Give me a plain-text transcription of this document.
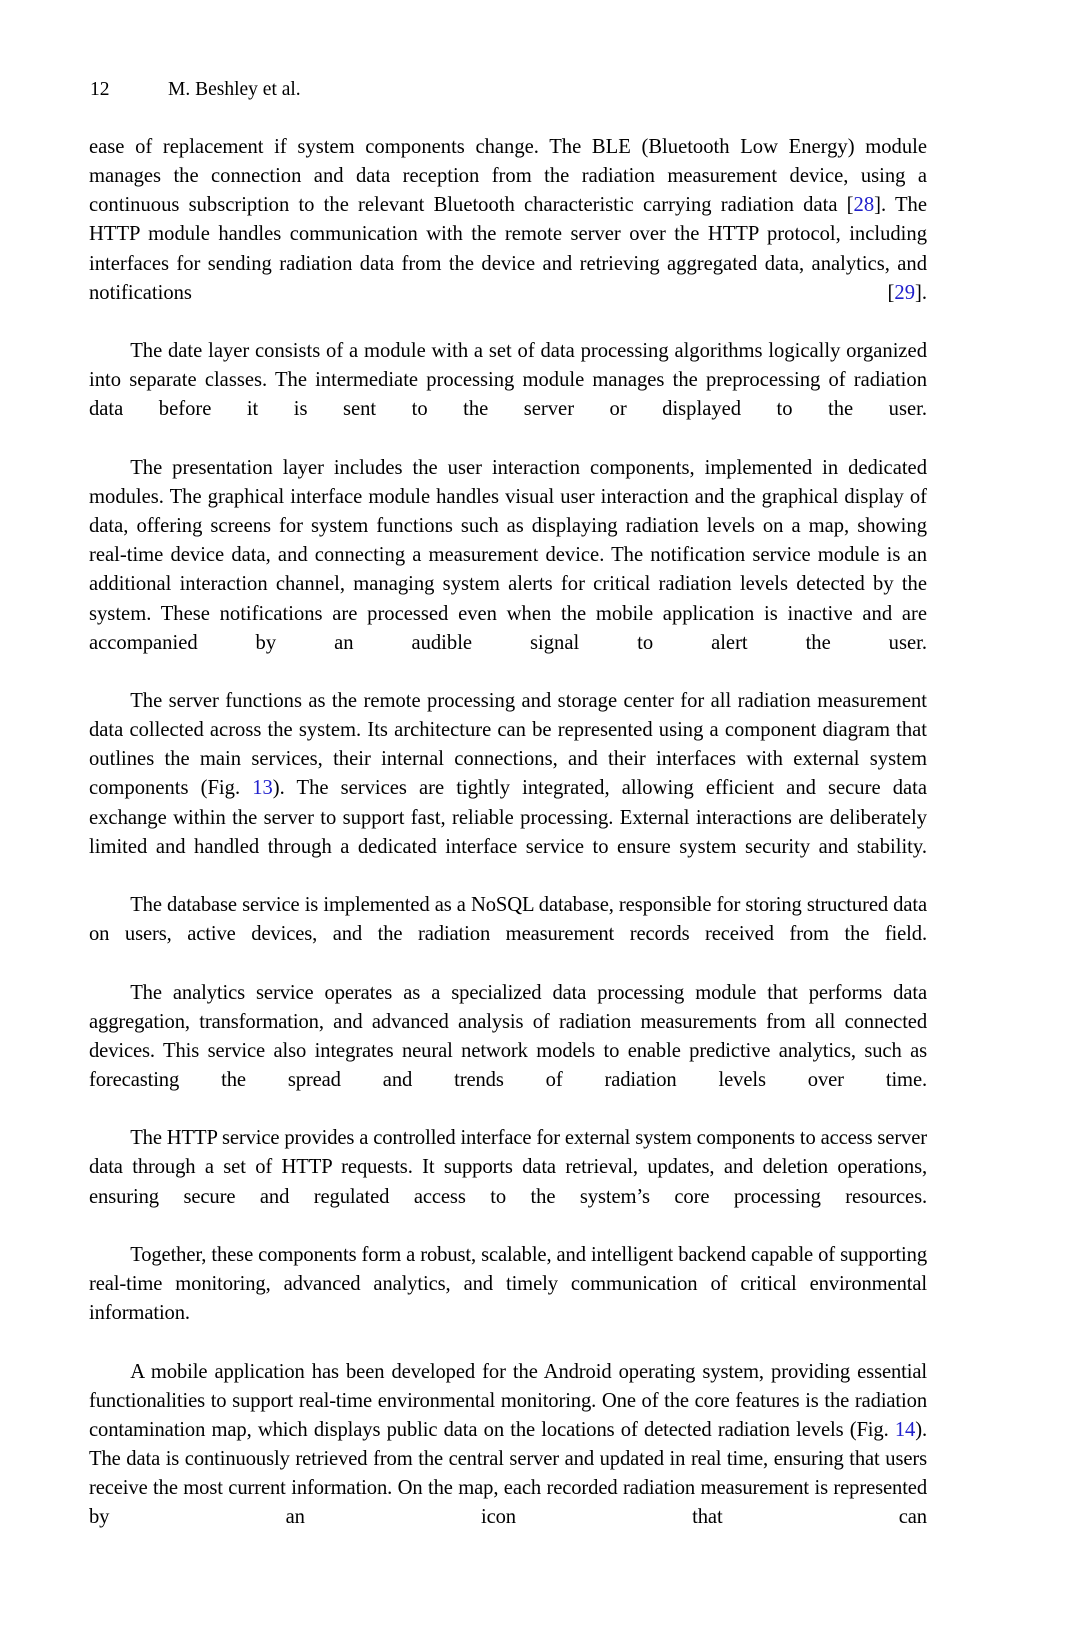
12	M. Beshley et al.

ease of replacement if system components change. The BLE (Bluetooth Low Energy) module manages the connection and data reception from the radiation measurement device, using a continuous subscription to the relevant Bluetooth characteristic carrying radiation data [28]. The HTTP module handles communication with the remote server over the HTTP protocol, including interfaces for sending radiation data from the device and retrieving aggregated data, analytics, and notifications [29].

The date layer consists of a module with a set of data processing algorithms logically organized into separate classes. The intermediate processing module manages the preprocessing of radiation data before it is sent to the server or displayed to the user.

The presentation layer includes the user interaction components, implemented in dedicated modules. The graphical interface module handles visual user interaction and the graphical display of data, offering screens for system functions such as displaying radiation levels on a map, showing real-time device data, and connecting a measurement device. The notification service module is an additional interaction channel, managing system alerts for critical radiation levels detected by the system. These notifications are processed even when the mobile application is inactive and are accompanied by an audible signal to alert the user.

The server functions as the remote processing and storage center for all radiation measurement data collected across the system. Its architecture can be represented using a component diagram that outlines the main services, their internal connections, and their interfaces with external system components (Fig. 13). The services are tightly integrated, allowing efficient and secure data exchange within the server to support fast, reliable processing. External interactions are deliberately limited and handled through a dedicated interface service to ensure system security and stability.

The database service is implemented as a NoSQL database, responsible for storing structured data on users, active devices, and the radiation measurement records received from the field.

The analytics service operates as a specialized data processing module that performs data aggregation, transformation, and advanced analysis of radiation measurements from all connected devices. This service also integrates neural network models to enable predictive analytics, such as forecasting the spread and trends of radiation levels over time.

The HTTP service provides a controlled interface for external system components to access server data through a set of HTTP requests. It supports data retrieval, updates, and deletion operations, ensuring secure and regulated access to the system’s core processing resources.

Together, these components form a robust, scalable, and intelligent backend capable of supporting real-time monitoring, advanced analytics, and timely communication of critical environmental information.

A mobile application has been developed for the Android operating system, providing essential functionalities to support real-time environmental monitoring. One of the core features is the radiation contamination map, which displays public data on the locations of detected radiation levels (Fig. 14). The data is continuously retrieved from the central server and updated in real time, ensuring that users receive the most current information. On the map, each recorded radiation measurement is represented by an icon that can
